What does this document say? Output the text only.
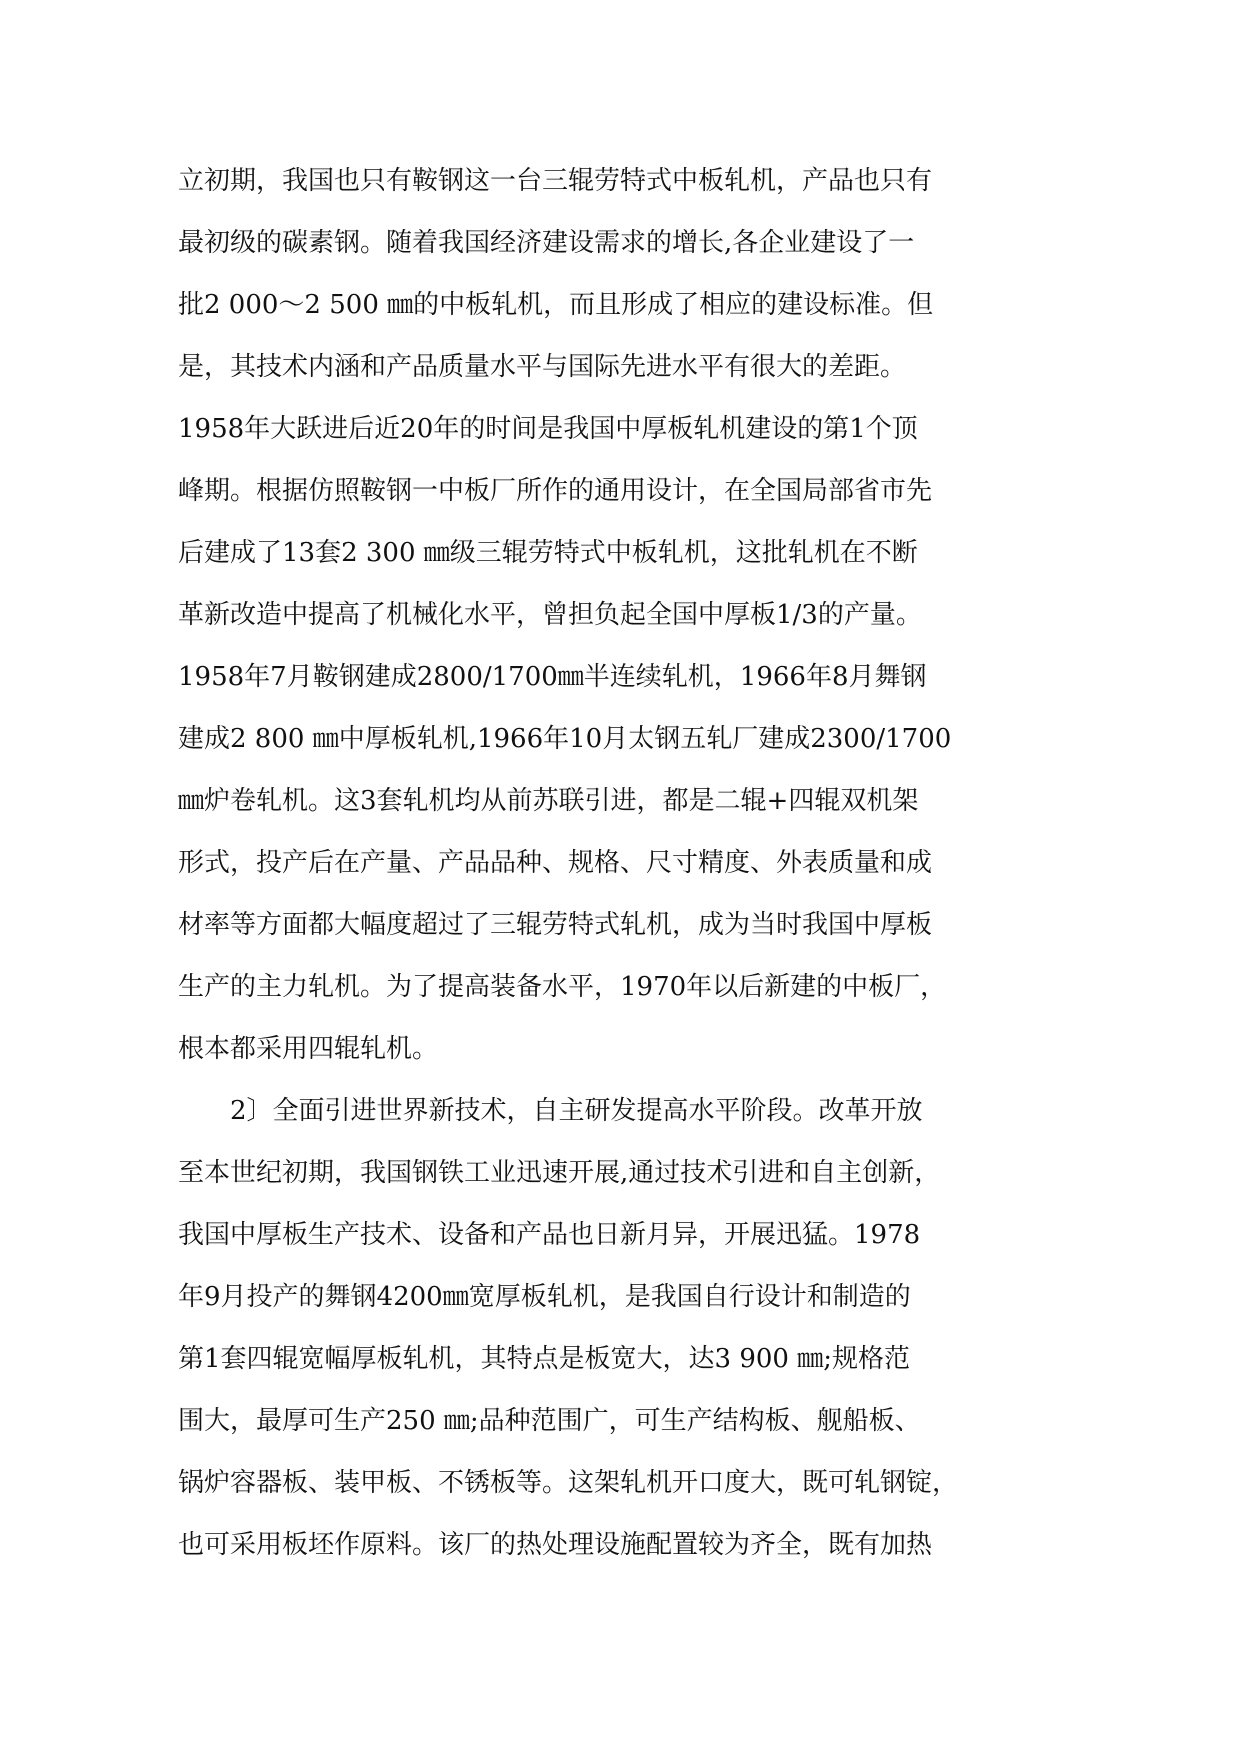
立初期，我国也只有鞍钢这一台三辊劳特式中板轧机，产品也只有
最初级的碳素钢。随着我国经济建设需求的增长,各企业建设了一
批2 000～2 500 ㎜的中板轧机，而且形成了相应的建设标准。但
是，其技术内涵和产品质量水平与国际先进水平有很大的差距。
1958年大跃进后近20年的时间是我国中厚板轧机建设的第1个顶
峰期。根据仿照鞍钢一中板厂所作的通用设计，在全国局部省市先
后建成了13套2 300 ㎜级三辊劳特式中板轧机，这批轧机在不断
革新改造中提高了机械化水平，曾担负起全国中厚板1/3的产量。
1958年7月鞍钢建成2800/1700㎜半连续轧机，1966年8月舞钢
建成2 800 ㎜中厚板轧机,1966年10月太钢五轧厂建成2300/1700
㎜炉卷轧机。这3套轧机均从前苏联引进，都是二辊+四辊双机架
形式，投产后在产量、产品品种、规格、尺寸精度、外表质量和成
材率等方面都大幅度超过了三辊劳特式轧机，成为当时我国中厚板
生产的主力轧机。为了提高装备水平，1970年以后新建的中板厂，
根本都采用四辊轧机。
2〕全面引进世界新技术，自主研发提高水平阶段。改革开放
至本世纪初期，我国钢铁工业迅速开展,通过技术引进和自主创新，
我国中厚板生产技术、设备和产品也日新月异，开展迅猛。1978
年9月投产的舞钢4200㎜宽厚板轧机，是我国自行设计和制造的
第1套四辊宽幅厚板轧机，其特点是板宽大，达3 900 ㎜;规格范
围大，最厚可生产250 ㎜;品种范围广，可生产结构板、舰船板、
锅炉容器板、装甲板、不锈板等。这架轧机开口度大，既可轧钢锭，
也可采用板坯作原料。该厂的热处理设施配置较为齐全，既有加热
